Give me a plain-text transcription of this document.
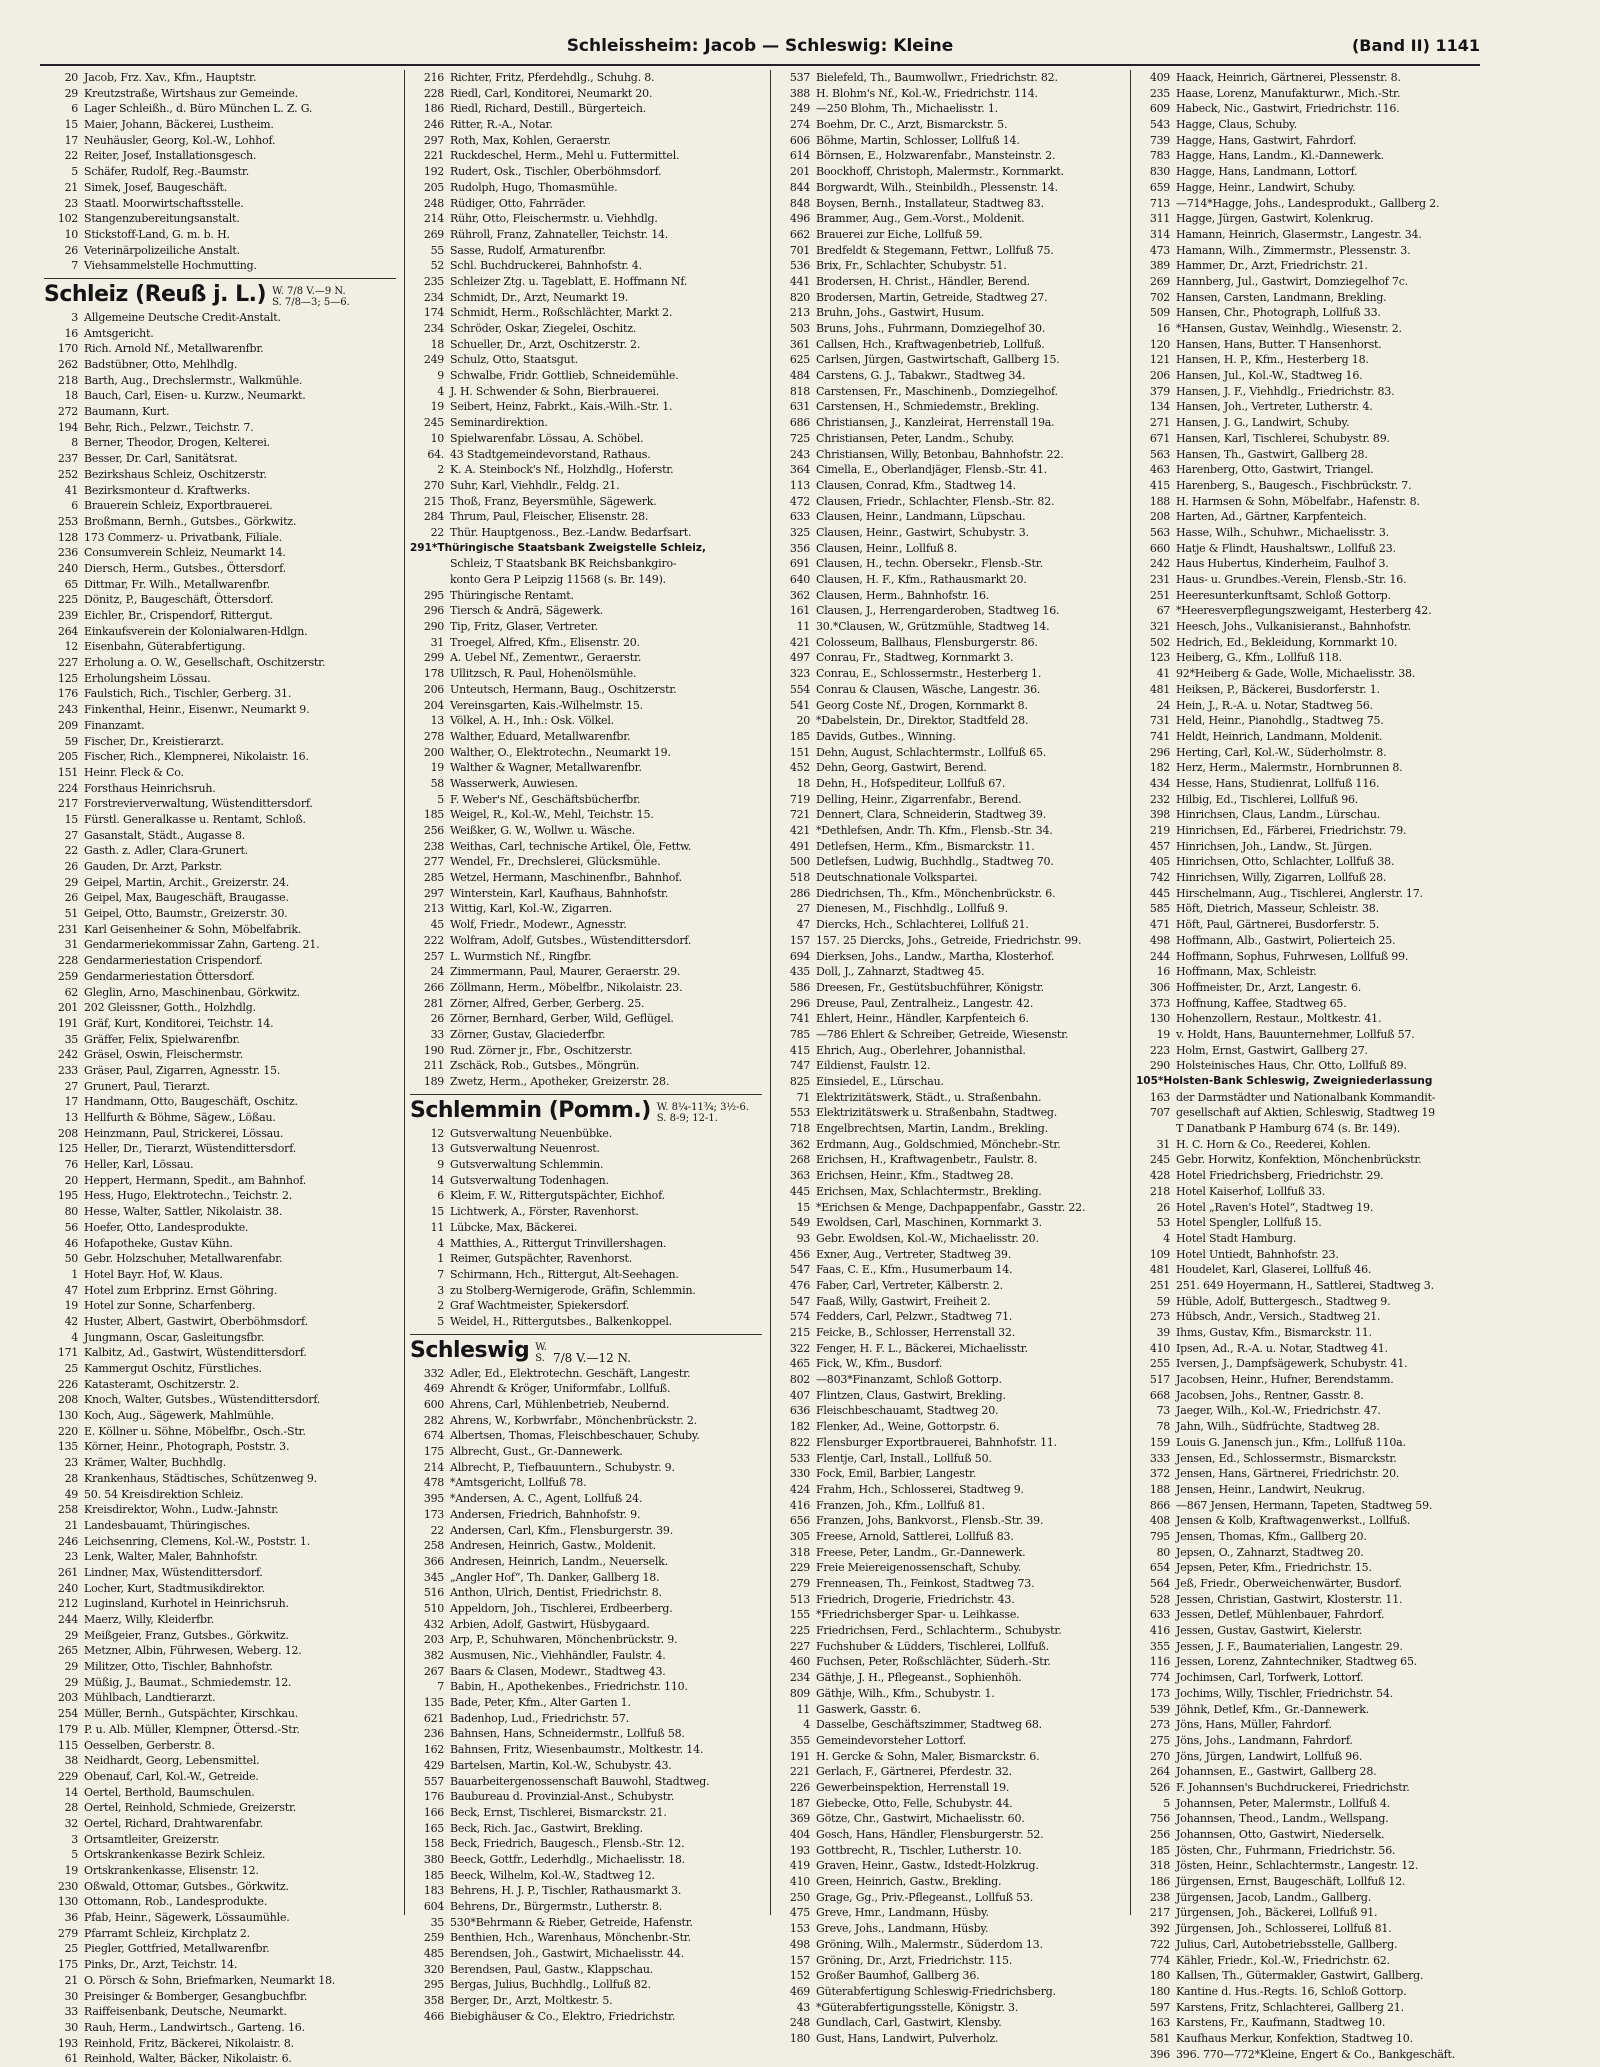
Schleissheim: Jacob — Schleswig: Kleine	(Band II) 1141
20 Jacob, Frz. Xav., Kfm., Hauptstr.
29 Kreutzstraße, Wirtshaus zur Gemeinde.
6 Lager Schleißh., d. Büro München L. Z. G.
15 Maier, Johann, Bäckerei, Lustheim.
17 Neuhäusler, Georg, Kol.-W., Lohhof.
22 Reiter, Josef, Installationsgesch.
5 Schäfer, Rudolf, Reg.-Baumstr.
21 Simek, Josef, Baugeschäft.
23 Staatl. Moorwirtschaftsstelle.
102 Stangenzubereitungsanstalt.
10 Stickstoff-Land, G. m. b. H.
26 Veterinärpolizeiliche Anstalt.
7 Viehsammelstelle Hochmutting.
Schleiz (Reuß j. L.) W. 7/8 V.—9 N.
S. 7/8—3; 5—6.
3 Allgemeine Deutsche Credit-Anstalt.
16 Amtsgericht.
170 Rich. Arnold Nf., Metallwarenfbr.
262 Badstübner, Otto, Mehlhdlg.
218 Barth, Aug., Drechslermstr., Walkmühle.
18 Bauch, Carl, Eisen- u. Kurzw., Neumarkt.
272 Baumann, Kurt.
194 Behr, Rich., Pelzwr., Teichstr. 7.
8 Berner, Theodor, Drogen, Kelterei.
237 Besser, Dr. Carl, Sanitätsrat.
252 Bezirkshaus Schleiz, Oschitzerstr.
41 Bezirksmonteur d. Kraftwerks.
6 Brauerein Schleiz, Exportbrauerei.
253 Broßmann, Bernh., Gutsbes., Görkwitz.
128 173 Commerz- u. Privatbank, Filiale.
236 Consumverein Schleiz, Neumarkt 14.
240 Diersch, Herm., Gutsbes., Öttersdorf.
65 Dittmar, Fr. Wilh., Metallwarenfbr.
225 Dönitz, P., Baugeschäft, Öttersdorf.
239 Eichler, Br., Crispendorf, Rittergut.
264 Einkaufsverein der Kolonialwaren-Hdlgn.
12 Eisenbahn, Güterabfertigung.
227 Erholung a. O. W., Gesellschaft, Oschitzerstr.
125 Erholungsheim Lössau.
176 Faulstich, Rich., Tischler, Gerberg. 31.
243 Finkenthal, Heinr., Eisenwr., Neumarkt 9.
209 Finanzamt.
59 Fischer, Dr., Kreistierarzt.
205 Fischer, Rich., Klempnerei, Nikolaistr. 16.
151 Heinr. Fleck & Co.
224 Forsthaus Heinrichsruh.
217 Forstrevierverwaltung, Wüstendittersdorf.
15 Fürstl. Generalkasse u. Rentamt, Schloß.
27 Gasanstalt, Städt., Augasse 8.
22 Gasth. z. Adler, Clara-Grunert.
26 Gauden, Dr. Arzt, Parkstr.
29 Geipel, Martin, Archit., Greizerstr. 24.
26 Geipel, Max, Baugeschäft, Braugasse.
51 Geipel, Otto, Baumstr., Greizerstr. 30.
231 Karl Geisenheiner & Sohn, Möbelfabrik.
31 Gendarmeriekommissar Zahn, Garteng. 21.
228 Gendarmeriestation Crispendorf.
259 Gendarmeriestation Öttersdorf.
62 Gleglin, Arno, Maschinenbau, Görkwitz.
201 202 Gleissner, Gotth., Holzhdlg.
191 Gräf, Kurt, Konditorei, Teichstr. 14.
35 Gräffer, Felix, Spielwarenfbr.
242 Gräsel, Oswin, Fleischermstr.
233 Gräser, Paul, Zigarren, Agnesstr. 15.
27 Grunert, Paul, Tierarzt.
17 Handmann, Otto, Baugeschäft, Oschitz.
13 Hellfurth & Böhme, Sägew., Lößau.
208 Heinzmann, Paul, Strickerei, Lössau.
125 Heller, Dr., Tierarzt, Wüstendittersdorf.
76 Heller, Karl, Lössau.
20 Heppert, Hermann, Spedit., am Bahnhof.
195 Hess, Hugo, Elektrotechn., Teichstr. 2.
80 Hesse, Walter, Sattler, Nikolaistr. 38.
56 Hoefer, Otto, Landesprodukte.
46 Hofapotheke, Gustav Kühn.
50 Gebr. Holzschuher, Metallwarenfabr.
1 Hotel Bayr. Hof, W. Klaus.
47 Hotel zum Erbprinz. Ernst Göhring.
19 Hotel zur Sonne, Scharfenberg.
42 Huster, Albert, Gastwirt, Oberböhmsdorf.
4 Jungmann, Oscar, Gasleitungsfbr.
171 Kalbitz, Ad., Gastwirt, Wüstendittersdorf.
25 Kammergut Oschitz, Fürstliches.
226 Katasteramt, Oschitzerstr. 2.
208 Knoch, Walter, Gutsbes., Wüstendittersdorf.
130 Koch, Aug., Sägewerk, Mahlmühle.
220 E. Köllner u. Söhne, Möbelfbr., Osch.-Str.
135 Körner, Heinr., Photograph, Poststr. 3.
23 Krämer, Walter, Buchhdlg.
28 Krankenhaus, Städtisches, Schützenweg 9.
49 50. 54 Kreisdirektion Schleiz.
258 Kreisdirektor, Wohn., Ludw.-Jahnstr.
21 Landesbauamt, Thüringisches.
246 Leichsenring, Clemens, Kol.-W., Poststr. 1.
23 Lenk, Walter, Maler, Bahnhofstr.
261 Lindner, Max, Wüstendittersdorf.
240 Locher, Kurt, Stadtmusikdirektor.
212 Luginsland, Kurhotel in Heinrichsruh.
244 Maerz, Willy, Kleiderfbr.
29 Meißgeier, Franz, Gutsbes., Görkwitz.
265 Metzner, Albin, Führwesen, Weberg. 12.
29 Militzer, Otto, Tischler, Bahnhofstr.
29 Müßig, J., Baumat., Schmiedemstr. 12.
203 Mühlbach, Landtierarzt.
254 Müller, Bernh., Gutspächter, Kirschkau.
179 P. u. Alb. Müller, Klempner, Öttersd.-Str.
115 Oesselben, Gerberstr. 8.
38 Neidhardt, Georg, Lebensmittel.
229 Obenauf, Carl, Kol.-W., Getreide.
14 Oertel, Berthold, Baumschulen.
28 Oertel, Reinhold, Schmiede, Greizerstr.
32 Oertel, Richard, Drahtwarenfabr.
3 Ortsamtleiter, Greizerstr.
5 Ortskrankenkasse Bezirk Schleiz.
19 Ortskrankenkasse, Elisenstr. 12.
230 Oßwald, Ottomar, Gutsbes., Görkwitz.
130 Ottomann, Rob., Landesprodukte.
36 Pfab, Heinr., Sägewerk, Lössaumühle.
279 Pfarramt Schleiz, Kirchplatz 2.
25 Piegler, Gottfried, Metallwarenfbr.
175 Pinks, Dr., Arzt, Teichstr. 14.
21 O. Pörsch & Sohn, Briefmarken, Neumarkt 18.
30 Preisinger & Bomberger, Gesangbuchfbr.
33 Raiffeisenbank, Deutsche, Neumarkt.
30 Rauh, Herm., Landwirtsch., Garteng. 16.
193 Reinhold, Fritz, Bäckerei, Nikolaistr. 8.
61 Reinhold, Walter, Bäcker, Nikolaistr. 6.
216 Richter, Fritz, Pferdehdlg., Schuhg. 8.
228 Riedl, Carl, Konditorei, Neumarkt 20.
186 Riedl, Richard, Destill., Bürgerteich.
246 Ritter, R.-A., Notar.
297 Roth, Max, Kohlen, Geraerstr.
221 Ruckdeschel, Herm., Mehl u. Futtermittel.
192 Rudert, Osk., Tischler, Oberböhmsdorf.
205 Rudolph, Hugo, Thomasmühle.
248 Rüdiger, Otto, Fahrräder.
214 Rühr, Otto, Fleischermstr. u. Viehhdlg.
269 Rühroll, Franz, Zahnateller, Teichstr. 14.
55 Sasse, Rudolf, Armaturenfbr.
52 Schl. Buchdruckerei, Bahnhofstr. 4.
235 Schleizer Ztg. u. Tageblatt, E. Hoffmann Nf.
234 Schmidt, Dr., Arzt, Neumarkt 19.
174 Schmidt, Herm., Roßschlächter, Markt 2.
234 Schröder, Oskar, Ziegelei, Oschitz.
18 Schueller, Dr., Arzt, Oschitzerstr. 2.
249 Schulz, Otto, Staatsgut.
9 Schwalbe, Fridr. Gottlieb, Schneidemühle.
4 J. H. Schwender & Sohn, Bierbrauerei.
19 Seibert, Heinz, Fabrkt., Kais.-Wilh.-Str. 1.
245 Seminardirektion.
10 Spielwarenfabr. Lössau, A. Schöbel.
64. 43 Stadtgemeindevorstand, Rathaus.
2 K. A. Steinbock's Nf., Holzhdlg., Hoferstr.
270 Suhr, Karl, Viehhdlr., Feldg. 21.
215 Thoß, Franz, Beyersmühle, Sägewerk.
284 Thrum, Paul, Fleischer, Elisenstr. 28.
22 Thür. Hauptgenoss., Bez.-Landw. Bedarfsart.
291*Thüringische Staatsbank Zweigstelle Schleiz,
Schleiz, T Staatsbank BK Reichsbankgiro-
konto Gera P Leipzig 11568 (s. Br. 149).
295 Thüringische Rentamt.
296 Tiersch & Andrä, Sägewerk.
290 Tip, Fritz, Glaser, Vertreter.
31 Troegel, Alfred, Kfm., Elisenstr. 20.
299 A. Uebel Nf., Zementwr., Geraerstr.
178 Ullitzsch, R. Paul, Hohenölsmühle.
206 Unteutsch, Hermann, Baug., Oschitzerstr.
204 Vereinsgarten, Kais.-Wilhelmstr. 15.
13 Völkel, A. H., Inh.: Osk. Völkel.
278 Walther, Eduard, Metallwarenfbr.
200 Walther, O., Elektrotechn., Neumarkt 19.
19 Walther & Wagner, Metallwarenfbr.
58 Wasserwerk, Auwiesen.
5 F. Weber's Nf., Geschäftsbücherfbr.
185 Weigel, R., Kol.-W., Mehl, Teichstr. 15.
256 Weißker, G. W., Wollwr. u. Wäsche.
238 Weithas, Carl, technische Artikel, Öle, Fettw.
277 Wendel, Fr., Drechslerei, Glücksmühle.
285 Wetzel, Hermann, Maschinenfbr., Bahnhof.
297 Winterstein, Karl, Kaufhaus, Bahnhofstr.
213 Wittig, Karl, Kol.-W., Zigarren.
45 Wolf, Friedr., Modewr., Agnesstr.
222 Wolfram, Adolf, Gutsbes., Wüstendittersdorf.
257 L. Wurmstich Nf., Ringfbr.
24 Zimmermann, Paul, Maurer, Geraerstr. 29.
266 Zöllmann, Herm., Möbelfbr., Nikolaistr. 23.
281 Zörner, Alfred, Gerber, Gerberg. 25.
26 Zörner, Bernhard, Gerber, Wild, Geflügel.
33 Zörner, Gustav, Glaciederfbr.
190 Rud. Zörner jr., Fbr., Oschitzerstr.
211 Zschäck, Rob., Gutsbes., Möngrün.
189 Zwetz, Herm., Apotheker, Greizerstr. 28.
Schlemmin (Pomm.) W. 8¼-11¾; 3½-6.
S. 8-9; 12-1.
12 Gutsverwaltung Neuenbübke.
13 Gutsverwaltung Neuenrost.
9 Gutsverwaltung Schlemmin.
14 Gutsverwaltung Todenhagen.
6 Kleim, F. W., Rittergutspächter, Eichhof.
15 Lichtwerk, A., Förster, Ravenhorst.
11 Lübcke, Max, Bäckerei.
4 Matthies, A., Rittergut Trinvillershagen.
1 Reimer, Gutspächter, Ravenhorst.
7 Schirmann, Hch., Rittergut, Alt-Seehagen.
3 zu Stolberg-Wernigerode, Gräfin, Schlemmin.
2 Graf Wachtmeister, Spiekersdorf.
5 Weidel, H., Rittergutsbes., Balkenkoppel.
Schleswig W.
S. 7/8 V.—12 N.
332 Adler, Ed., Elektrotechn. Geschäft, Langestr.
469 Ahrendt & Kröger, Uniformfabr., Lollfuß.
600 Ahrens, Carl, Mühlenbetrieb, Neubernd.
282 Ahrens, W., Korbwrfabr., Mönchenbrückstr. 2.
674 Albertsen, Thomas, Fleischbeschauer, Schuby.
175 Albrecht, Gust., Gr.-Dannewerk.
214 Albrecht, P., Tiefbauuntern., Schubystr. 9.
478 *Amtsgericht, Lollfuß 78.
395 *Andersen, A. C., Agent, Lollfuß 24.
173 Andersen, Friedrich, Bahnhofstr. 9.
22 Andersen, Carl, Kfm., Flensburgerstr. 39.
258 Andresen, Heinrich, Gastw., Moldenit.
366 Andresen, Heinrich, Landm., Neuerselk.
345 „Angler Hof“, Th. Danker, Gallberg 18.
516 Anthon, Ulrich, Dentist, Friedrichstr. 8.
510 Appeldorn, Joh., Tischlerei, Erdbeerberg.
432 Arbien, Adolf, Gastwirt, Hüsbygaard.
203 Arp, P., Schuhwaren, Mönchenbrückstr. 9.
382 Ausmusen, Nic., Viehhändler, Faulstr. 4.
267 Baars & Clasen, Modewr., Stadtweg 43.
7 Babin, H., Apothekenbes., Friedrichstr. 110.
135 Bade, Peter, Kfm., Alter Garten 1.
621 Badenhop, Lud., Friedrichstr. 57.
236 Bahnsen, Hans, Schneidermstr., Lollfuß 58.
162 Bahnsen, Fritz, Wiesenbaumstr., Moltkestr. 14.
429 Bartelsen, Martin, Kol.-W., Schubystr. 43.
557 Bauarbeitergenossenschaft Bauwohl, Stadtweg.
176 Baubureau d. Provinzial-Anst., Schubystr.
166 Beck, Ernst, Tischlerei, Bismarckstr. 21.
165 Beck, Rich. Jac., Gastwirt, Brekling.
158 Beck, Friedrich, Baugesch., Flensb.-Str. 12.
380 Beeck, Gottfr., Lederhdlg., Michaelisstr. 18.
185 Beeck, Wilhelm, Kol.-W., Stadtweg 12.
183 Behrens, H. J. P., Tischler, Rathausmarkt 3.
604 Behrens, Dr., Bürgermstr., Lutherstr. 8.
35 530*Behrmann & Rieber, Getreide, Hafenstr.
259 Benthien, Hch., Warenhaus, Mönchenbr.-Str.
485 Berendsen, Joh., Gastwirt, Michaelisstr. 44.
320 Berendsen, Paul, Gastw., Klappschau.
295 Bergas, Julius, Buchhdlg., Lollfuß 82.
358 Berger, Dr., Arzt, Moltkestr. 5.
466 Biebighäuser & Co., Elektro, Friedrichstr.
537 Bielefeld, Th., Baumwollwr., Friedrichstr. 82.
388 H. Blohm's Nf., Kol.-W., Friedrichstr. 114.
249 —250 Blohm, Th., Michaelisstr. 1.
274 Boehm, Dr. C., Arzt, Bismarckstr. 5.
606 Böhme, Martin, Schlosser, Lollfuß 14.
614 Börnsen, E., Holzwarenfabr., Mansteinstr. 2.
201 Boockhoff, Christoph, Malermstr., Kornmarkt.
844 Borgwardt, Wilh., Steinbildh., Plessenstr. 14.
848 Boysen, Bernh., Installateur, Stadtweg 83.
496 Brammer, Aug., Gem.-Vorst., Moldenit.
662 Brauerei zur Eiche, Lollfuß 59.
701 Bredfeldt & Stegemann, Fettwr., Lollfuß 75.
536 Brix, Fr., Schlachter, Schubystr. 51.
441 Brodersen, H. Christ., Händler, Berend.
820 Brodersen, Martin, Getreide, Stadtweg 27.
213 Bruhn, Johs., Gastwirt, Husum.
503 Bruns, Johs., Fuhrmann, Domziegelhof 30.
361 Callsen, Hch., Kraftwagenbetrieb, Lollfuß.
625 Carlsen, Jürgen, Gastwirtschaft, Gallberg 15.
484 Carstens, G. J., Tabakwr., Stadtweg 34.
818 Carstensen, Fr., Maschinenb., Domziegelhof.
631 Carstensen, H., Schmiedemstr., Brekling.
686 Christiansen, J., Kanzleirat, Herrenstall 19a.
725 Christiansen, Peter, Landm., Schuby.
243 Christiansen, Willy, Betonbau, Bahnhofstr. 22.
364 Cimella, E., Oberlandjäger, Flensb.-Str. 41.
113 Clausen, Conrad, Kfm., Stadtweg 14.
472 Clausen, Friedr., Schlachter, Flensb.-Str. 82.
633 Clausen, Heinr., Landmann, Lüpschau.
325 Clausen, Heinr., Gastwirt, Schubystr. 3.
356 Clausen, Heinr., Lollfuß 8.
691 Clausen, H., techn. Obersekr., Flensb.-Str.
640 Clausen, H. F., Kfm., Rathausmarkt 20.
362 Clausen, Herm., Bahnhofstr. 16.
161 Clausen, J., Herrengarderoben, Stadtweg 16.
11 30.*Clausen, W., Grützmühle, Stadtweg 14.
421 Colosseum, Ballhaus, Flensburgerstr. 86.
497 Conrau, Fr., Stadtweg, Kornmarkt 3.
323 Conrau, E., Schlossermstr., Hesterberg 1.
554 Conrau & Clausen, Wäsche, Langestr. 36.
541 Georg Coste Nf., Drogen, Kornmarkt 8.
20 *Dabelstein, Dr., Direktor, Stadtfeld 28.
185 Davids, Gutbes., Winning.
151 Dehn, August, Schlachtermstr., Lollfuß 65.
452 Dehn, Georg, Gastwirt, Berend.
18 Dehn, H., Hofspediteur, Lollfuß 67.
719 Delling, Heinr., Zigarrenfabr., Berend.
721 Dennert, Clara, Schneiderin, Stadtweg 39.
421 *Dethlefsen, Andr. Th. Kfm., Flensb.-Str. 34.
491 Detlefsen, Herm., Kfm., Bismarckstr. 11.
500 Detlefsen, Ludwig, Buchhdlg., Stadtweg 70.
518 Deutschnationale Volkspartei.
286 Diedrichsen, Th., Kfm., Mönchenbrückstr. 6.
27 Dienesen, M., Fischhdlg., Lollfuß 9.
47 Diercks, Hch., Schlachterei, Lollfuß 21.
157 157. 25 Diercks, Johs., Getreide, Friedrichstr. 99.
694 Dierksen, Johs., Landw., Martha, Klosterhof.
435 Doll, J., Zahnarzt, Stadtweg 45.
586 Dreesen, Fr., Gestütsbuchführer, Königstr.
296 Dreuse, Paul, Zentralheiz., Langestr. 42.
741 Ehlert, Heinr., Händler, Karpfenteich 6.
785 —786 Ehlert & Schreiber, Getreide, Wiesenstr.
415 Ehrich, Aug., Oberlehrer, Johannisthal.
747 Eildienst, Faulstr. 12.
825 Einsiedel, E., Lürschau.
71 Elektrizitätswerk, Städt., u. Straßenbahn.
553 Elektrizitätswerk u. Straßenbahn, Stadtweg.
718 Engelbrechtsen, Martin, Landm., Brekling.
362 Erdmann, Aug., Goldschmied, Mönchebr.-Str.
268 Erichsen, H., Kraftwagenbetr., Faulstr. 8.
363 Erichsen, Heinr., Kfm., Stadtweg 28.
445 Erichsen, Max, Schlachtermstr., Brekling.
15 *Erichsen & Menge, Dachpappenfabr., Gasstr. 22.
549 Ewoldsen, Carl, Maschinen, Kornmarkt 3.
93 Gebr. Ewoldsen, Kol.-W., Michaelisstr. 20.
456 Exner, Aug., Vertreter, Stadtweg 39.
547 Faas, C. E., Kfm., Husumerbaum 14.
476 Faber, Carl, Vertreter, Kälberstr. 2.
547 Faaß, Willy, Gastwirt, Freiheit 2.
574 Fedders, Carl, Pelzwr., Stadtweg 71.
215 Feicke, B., Schlosser, Herrenstall 32.
322 Fenger, H. F. L., Bäckerei, Michaelisstr.
465 Fick, W., Kfm., Busdorf.
802 —803*Finanzamt, Schloß Gottorp.
407 Flintzen, Claus, Gastwirt, Brekling.
636 Fleischbeschauamt, Stadtweg 20.
182 Flenker, Ad., Weine, Gottorpstr. 6.
822 Flensburger Exportbrauerei, Bahnhofstr. 11.
533 Flentje, Carl, Install., Lollfuß 50.
330 Fock, Emil, Barbier, Langestr.
424 Frahm, Hch., Schlosserei, Stadtweg 9.
416 Franzen, Joh., Kfm., Lollfuß 81.
656 Franzen, Johs, Bankvorst., Flensb.-Str. 39.
305 Freese, Arnold, Sattlerei, Lollfuß 83.
318 Freese, Peter, Landm., Gr.-Dannewerk.
229 Freie Meiereigenossenschaft, Schuby.
279 Frenneasen, Th., Feinkost, Stadtweg 73.
513 Friedrich, Drogerie, Friedrichstr. 43.
155 *Friedrichsberger Spar- u. Leihkasse.
225 Friedrichsen, Ferd., Schlachterm., Schubystr.
227 Fuchshuber & Lüdders, Tischlerei, Lollfuß.
460 Fuchsen, Peter, Roßschlächter, Süderh.-Str.
234 Gäthje, J. H., Pflegeanst., Sophienhöh.
809 Gäthje, Wilh., Kfm., Schubystr. 1.
11 Gaswerk, Gasstr. 6.
4 Dasselbe, Geschäftszimmer, Stadtweg 68.
355 Gemeindevorsteher Lottorf.
191 H. Gercke & Sohn, Maler, Bismarckstr. 6.
221 Gerlach, F., Gärtnerei, Pferdestr. 32.
226 Gewerbeinspektion, Herrenstall 19.
187 Giebecke, Otto, Felle, Schubystr. 44.
369 Götze, Chr., Gastwirt, Michaelisstr. 60.
404 Gosch, Hans, Händler, Flensburgerstr. 52.
193 Gottbrecht, R., Tischler, Lutherstr. 10.
419 Graven, Heinr., Gastw., Idstedt-Holzkrug.
410 Green, Heinrich, Gastw., Brekling.
250 Grage, Gg., Priv.-Pflegeanst., Lollfuß 53.
475 Greve, Hmr., Landmann, Hüsby.
153 Greve, Johs., Landmann, Hüsby.
498 Gröning, Wilh., Malermstr., Süderdom 13.
157 Gröning, Dr., Arzt, Friedrichstr. 115.
152 Großer Baumhof, Gallberg 36.
469 Güterabfertigung Schleswig-Friedrichsberg.
43 *Güterabfertigungsstelle, Königstr. 3.
248 Gundlach, Carl, Gastwirt, Klensby.
180 Gust, Hans, Landwirt, Pulverholz.
409 Haack, Heinrich, Gärtnerei, Plessenstr. 8.
235 Haase, Lorenz, Manufakturwr., Mich.-Str.
609 Habeck, Nic., Gastwirt, Friedrichstr. 116.
543 Hagge, Claus, Schuby.
739 Hagge, Hans, Gastwirt, Fahrdorf.
783 Hagge, Hans, Landm., Kl.-Dannewerk.
830 Hagge, Hans, Landmann, Lottorf.
659 Hagge, Heinr., Landwirt, Schuby.
713 —714*Hagge, Johs., Landesprodukt., Gallberg 2.
311 Hagge, Jürgen, Gastwirt, Kolenkrug.
314 Hamann, Heinrich, Glasermstr., Langestr. 34.
473 Hamann, Wilh., Zimmermstr., Plessenstr. 3.
389 Hammer, Dr., Arzt, Friedrichstr. 21.
269 Hannberg, Jul., Gastwirt, Domziegelhof 7c.
702 Hansen, Carsten, Landmann, Brekling.
509 Hansen, Chr., Photograph, Lollfuß 33.
16 *Hansen, Gustav, Weinhdlg., Wiesenstr. 2.
120 Hansen, Hans, Butter. T Hansenhorst.
121 Hansen, H. P., Kfm., Hesterberg 18.
206 Hansen, Jul., Kol.-W., Stadtweg 16.
379 Hansen, J. F., Viehhdlg., Friedrichstr. 83.
134 Hansen, Joh., Vertreter, Lutherstr. 4.
271 Hansen, J. G., Landwirt, Schuby.
671 Hansen, Karl, Tischlerei, Schubystr. 89.
563 Hansen, Th., Gastwirt, Gallberg 28.
463 Harenberg, Otto, Gastwirt, Triangel.
415 Harenberg, S., Baugesch., Fischbrückstr. 7.
188 H. Harmsen & Sohn, Möbelfabr., Hafenstr. 8.
208 Harten, Ad., Gärtner, Karpfenteich.
563 Hasse, Wilh., Schuhwr., Michaelisstr. 3.
660 Hatje & Flindt, Haushaltswr., Lollfuß 23.
242 Haus Hubertus, Kinderheim, Faulhof 3.
231 Haus- u. Grundbes.-Verein, Flensb.-Str. 16.
251 Heeresunterkunftsamt, Schloß Gottorp.
67 *Heeresverpflegungszweigamt, Hesterberg 42.
321 Heesch, Johs., Vulkanisieranst., Bahnhofstr.
502 Hedrich, Ed., Bekleidung, Kornmarkt 10.
123 Heiberg, G., Kfm., Lollfuß 118.
41 92*Heiberg & Gade, Wolle, Michaelisstr. 38.
481 Heiksen, P., Bäckerei, Busdorferstr. 1.
24 Hein, J., R.-A. u. Notar, Stadtweg 56.
731 Held, Heinr., Pianohdlg., Stadtweg 75.
741 Heldt, Heinrich, Landmann, Moldenit.
296 Herting, Carl, Kol.-W., Süderholmstr. 8.
182 Herz, Herm., Malermstr., Hornbrunnen 8.
434 Hesse, Hans, Studienrat, Lollfuß 116.
232 Hilbig, Ed., Tischlerei, Lollfuß 96.
398 Hinrichsen, Claus, Landm., Lürschau.
219 Hinrichsen, Ed., Färberei, Friedrichstr. 79.
457 Hinrichsen, Joh., Landw., St. Jürgen.
405 Hinrichsen, Otto, Schlachter, Lollfuß 38.
742 Hinrichsen, Willy, Zigarren, Lollfuß 28.
445 Hirschelmann, Aug., Tischlerei, Anglerstr. 17.
585 Höft, Dietrich, Masseur, Schleistr. 38.
471 Höft, Paul, Gärtnerei, Busdorferstr. 5.
498 Hoffmann, Alb., Gastwirt, Polierteich 25.
244 Hoffmann, Sophus, Fuhrwesen, Lollfuß 99.
16 Hoffmann, Max, Schleistr.
306 Hoffmeister, Dr., Arzt, Langestr. 6.
373 Hoffnung, Kaffee, Stadtweg 65.
130 Hohenzollern, Restaur., Moltkestr. 41.
19 v. Holdt, Hans, Bauunternehmer, Lollfuß 57.
223 Holm, Ernst, Gastwirt, Gallberg 27.
290 Holsteinisches Haus, Chr. Otto, Lollfuß 89.
105*Holsten-Bank Schleswig, Zweigniederlassung
163 der Darmstädter und Nationalbank Kommandit-
707 gesellschaft auf Aktien, Schleswig, Stadtweg 19
T Danatbank P Hamburg 674 (s. Br. 149).
31 H. C. Horn & Co., Reederei, Kohlen.
245 Gebr. Horwitz, Konfektion, Mönchenbrückstr.
428 Hotel Friedrichsberg, Friedrichstr. 29.
218 Hotel Kaiserhof, Lollfuß 33.
26 Hotel „Raven's Hotel“, Stadtweg 19.
53 Hotel Spengler, Lollfuß 15.
4 Hotel Stadt Hamburg.
109 Hotel Untiedt, Bahnhofstr. 23.
481 Houdelet, Karl, Glaserei, Lollfuß 46.
251 251. 649 Hoyermann, H., Sattlerei, Stadtweg 3.
59 Hüble, Adolf, Buttergesch., Stadtweg 9.
273 Hübsch, Andr., Versich., Stadtweg 21.
39 Ihms, Gustav, Kfm., Bismarckstr. 11.
410 Ipsen, Ad., R.-A. u. Notar, Stadtweg 41.
255 Iversen, J., Dampfsägewerk, Schubystr. 41.
517 Jacobsen, Heinr., Hufner, Berendstamm.
668 Jacobsen, Johs., Rentner, Gasstr. 8.
73 Jaeger, Wilh., Kol.-W., Friedrichstr. 47.
78 Jahn, Wilh., Südfrüchte, Stadtweg 28.
159 Louis G. Janensch jun., Kfm., Lollfuß 110a.
333 Jensen, Ed., Schlossermstr., Bismarckstr.
372 Jensen, Hans, Gärtnerei, Friedrichstr. 20.
188 Jensen, Heinr., Landwirt, Neukrug.
866 —867 Jensen, Hermann, Tapeten, Stadtweg 59.
408 Jensen & Kolb, Kraftwagenwerkst., Lollfuß.
795 Jensen, Thomas, Kfm., Gallberg 20.
80 Jepsen, O., Zahnarzt, Stadtweg 20.
654 Jepsen, Peter, Kfm., Friedrichstr. 15.
564 Jeß, Friedr., Oberweichenwärter, Busdorf.
528 Jessen, Christian, Gastwirt, Klosterstr. 11.
633 Jessen, Detlef, Mühlenbauer, Fahrdorf.
416 Jessen, Gustav, Gastwirt, Kielerstr.
355 Jessen, J. F., Baumaterialien, Langestr. 29.
116 Jessen, Lorenz, Zahntechniker, Stadtweg 65.
774 Jochimsen, Carl, Torfwerk, Lottorf.
173 Jochims, Willy, Tischler, Friedrichstr. 54.
539 Jöhnk, Detlef, Kfm., Gr.-Dannewerk.
273 Jöns, Hans, Müller, Fahrdorf.
275 Jöns, Johs., Landmann, Fahrdorf.
270 Jöns, Jürgen, Landwirt, Lollfuß 96.
264 Johannsen, E., Gastwirt, Gallberg 28.
526 F. Johannsen's Buchdruckerei, Friedrichstr.
5 Johannsen, Peter, Malermstr., Lollfuß 4.
756 Johannsen, Theod., Landm., Wellspang.
256 Johannsen, Otto, Gastwirt, Niederselk.
185 Jösten, Chr., Fuhrmann, Friedrichstr. 56.
318 Jösten, Heinr., Schlachtermstr., Langestr. 12.
186 Jürgensen, Ernst, Baugeschäft, Lollfuß 12.
238 Jürgensen, Jacob, Landm., Gallberg.
217 Jürgensen, Joh., Bäckerei, Lollfuß 91.
392 Jürgensen, Joh., Schlosserei, Lollfuß 81.
722 Julius, Carl, Autobetriebsstelle, Gallberg.
774 Kähler, Friedr., Kol.-W., Friedrichstr. 62.
180 Kallsen, Th., Gütermakler, Gastwirt, Gallberg.
180 Kantine d. Hus.-Regts. 16, Schloß Gottorp.
597 Karstens, Fritz, Schlachterei, Gallberg 21.
163 Karstens, Fr., Kaufmann, Stadtweg 10.
581 Kaufhaus Merkur, Konfektion, Stadtweg 10.
396 396. 770—772*Kleine, Engert & Co., Bankgeschäft.
